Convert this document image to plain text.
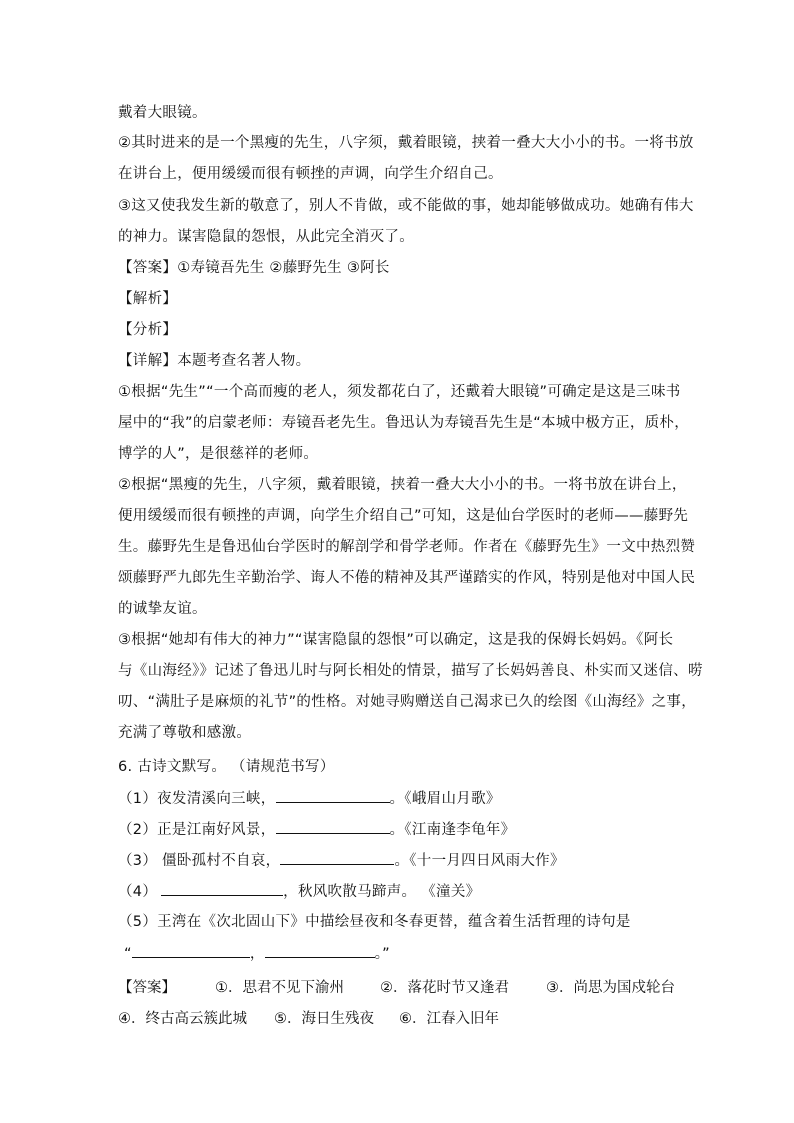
戴着大眼镜。
②其时进来的是一个黑瘦的先生，八字须，戴着眼镜，挟着一叠大大小小的书。一将书放
在讲台上，便用缓缓而很有顿挫的声调，向学生介绍自己。
③这又使我发生新的敬意了，别人不肯做，或不能做的事，她却能够做成功。她确有伟大
的神力。谋害隐鼠的怨恨，从此完全消灭了。
【答案】①寿镜吾先生 ②藤野先生 ③阿长
【解析】
【分析】
【详解】本题考查名著人物。
①根据“先生”“一个高而瘦的老人，须发都花白了，还戴着大眼镜”可确定是这是三味书
屋中的“我”的启蒙老师：寿镜吾老先生。鲁迅认为寿镜吾先生是“本城中极方正，质朴，
博学的人”，是很慈祥的老师。
②根据“黑瘦的先生，八字须，戴着眼镜，挟着一叠大大小小的书。一将书放在讲台上，
便用缓缓而很有顿挫的声调，向学生介绍自己”可知，这是仙台学医时的老师——藤野先
生。藤野先生是鲁迅仙台学医时的解剖学和骨学老师。作者在《藤野先生》一文中热烈赞
颂藤野严九郎先生辛勤治学、诲人不倦的精神及其严谨踏实的作风，特别是他对中国人民
的诚挚友谊。
③根据“她却有伟大的神力”“谋害隐鼠的怨恨”可以确定，这是我的保姆长妈妈。《阿长
与《山海经》》记述了鲁迅儿时与阿长相处的情景，描写了长妈妈善良、朴实而又迷信、唠
叨、“满肚子是麻烦的礼节”的性格。对她寻购赠送自己渴求已久的绘图《山海经》之事，
充满了尊敬和感激。
6. 古诗文默写。 （请规范书写）
（1）夜发清溪向三峡，	。《峨眉山月歌》
（2）正是江南好风景，	。《江南逢李龟年》
（3） 僵卧孤村不自哀，	。《十一月四日风雨大作》
（4）	，秋风吹散马蹄声。 《潼关》
（5）王湾在《次北固山下》中描绘昼夜和冬春更替，蕴含着生活哲理的诗句是
“	，	。”
【答案】	①．思君不见下渝州 ②．落花时节又逢君	③．尚思为国戍轮台
④．终古高云簇此城 ⑤．海日生残夜 ⑥．江春入旧年
